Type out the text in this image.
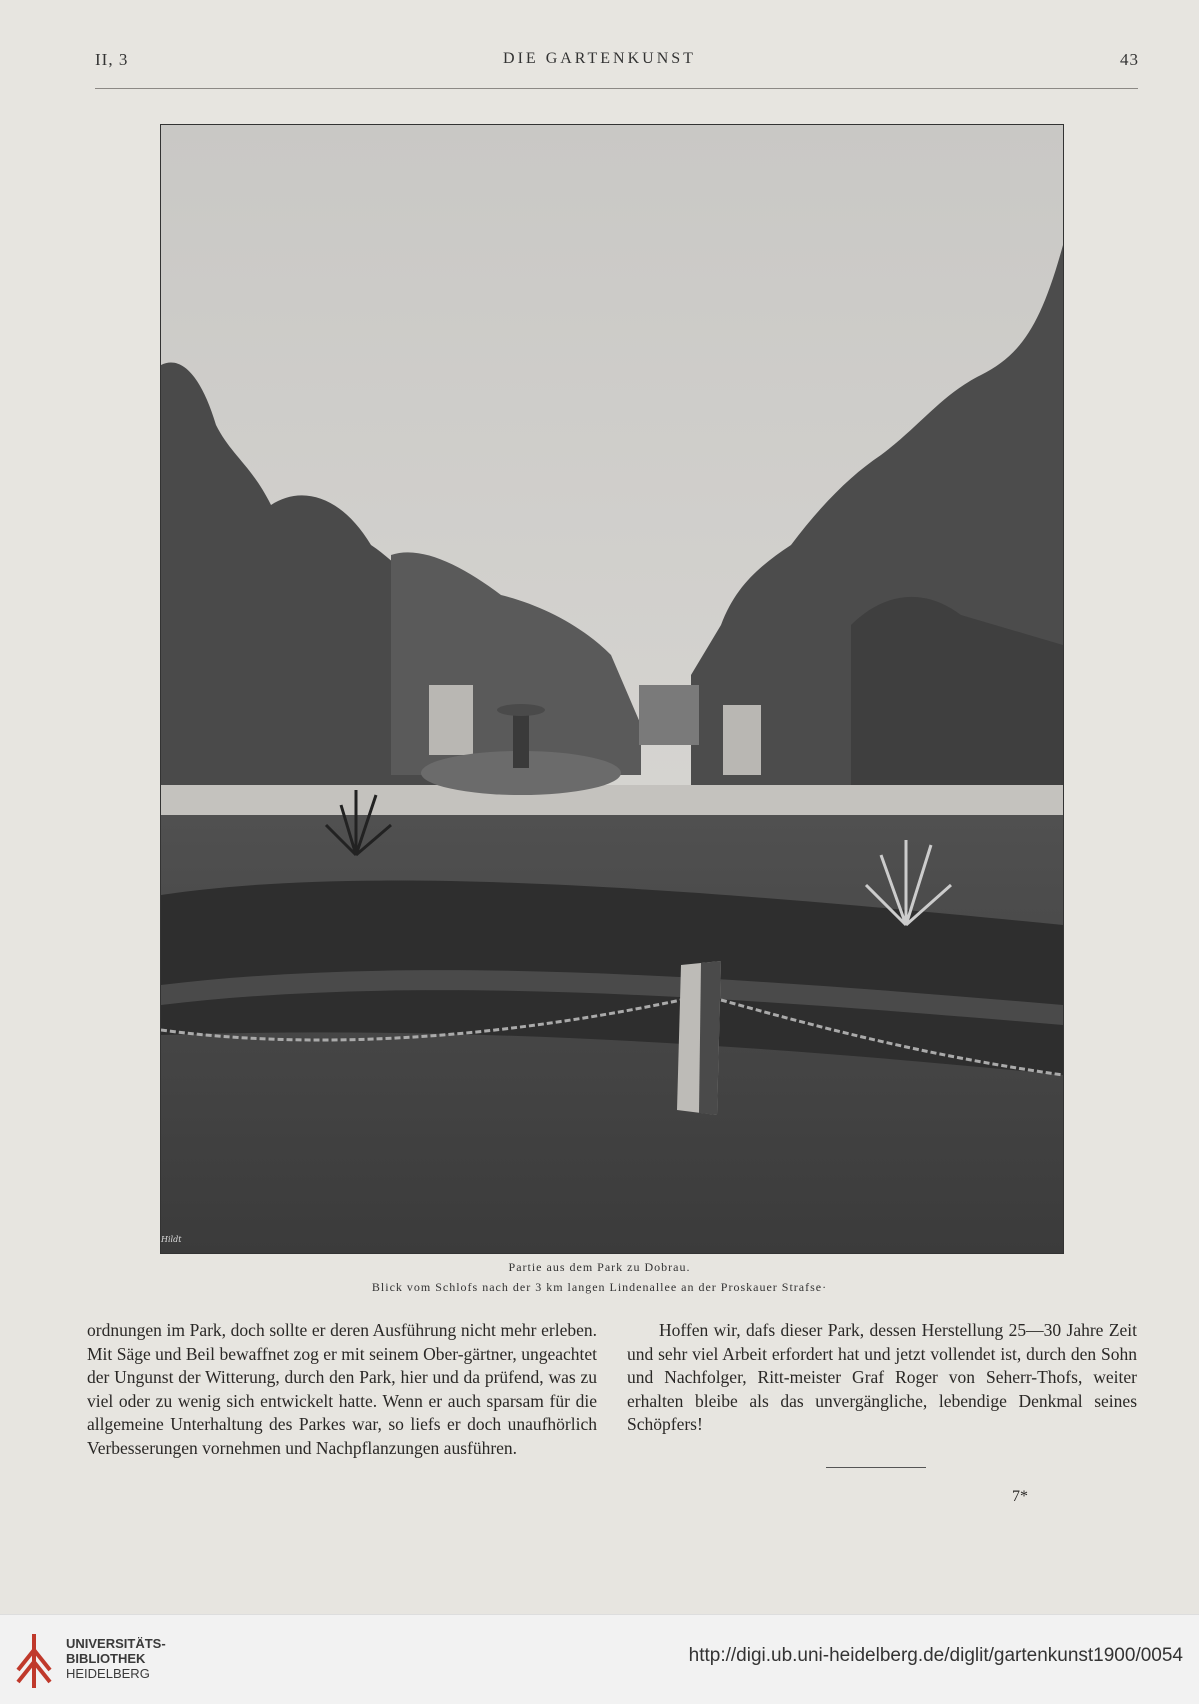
II, 3	DIE GARTENKUNST	43
Hildt
Partie aus dem Park zu Dobrau.
Blick vom Schlofs nach der 3 km langen Lindenallee an der Proskauer Strafse·

ordnungen im Park, doch sollte er deren Ausführung nicht mehr erleben. Mit Säge und Beil bewaffnet zog er mit seinem Ober-gärtner, ungeachtet der Ungunst der Witterung, durch den Park, hier und da prüfend, was zu viel oder zu wenig sich entwickelt hatte. Wenn er auch sparsam für die allgemeine Unterhaltung des Parkes war, so liefs er doch unaufhörlich Verbesserungen vornehmen und Nachpflanzungen ausführen.

Hoffen wir, dafs dieser Park, dessen Herstellung 25—30 Jahre Zeit und sehr viel Arbeit erfordert hat und jetzt vollendet ist, durch den Sohn und Nachfolger, Ritt-meister Graf Roger von Seherr-Thofs, weiter erhalten bleibe als das unvergängliche, lebendige Denkmal seines Schöpfers!

7*
UNIVERSITÄTS-
BIBLIOTHEK
HEIDELBERG
http://digi.ub.uni-heidelberg.de/diglit/gartenkunst1900/0054
